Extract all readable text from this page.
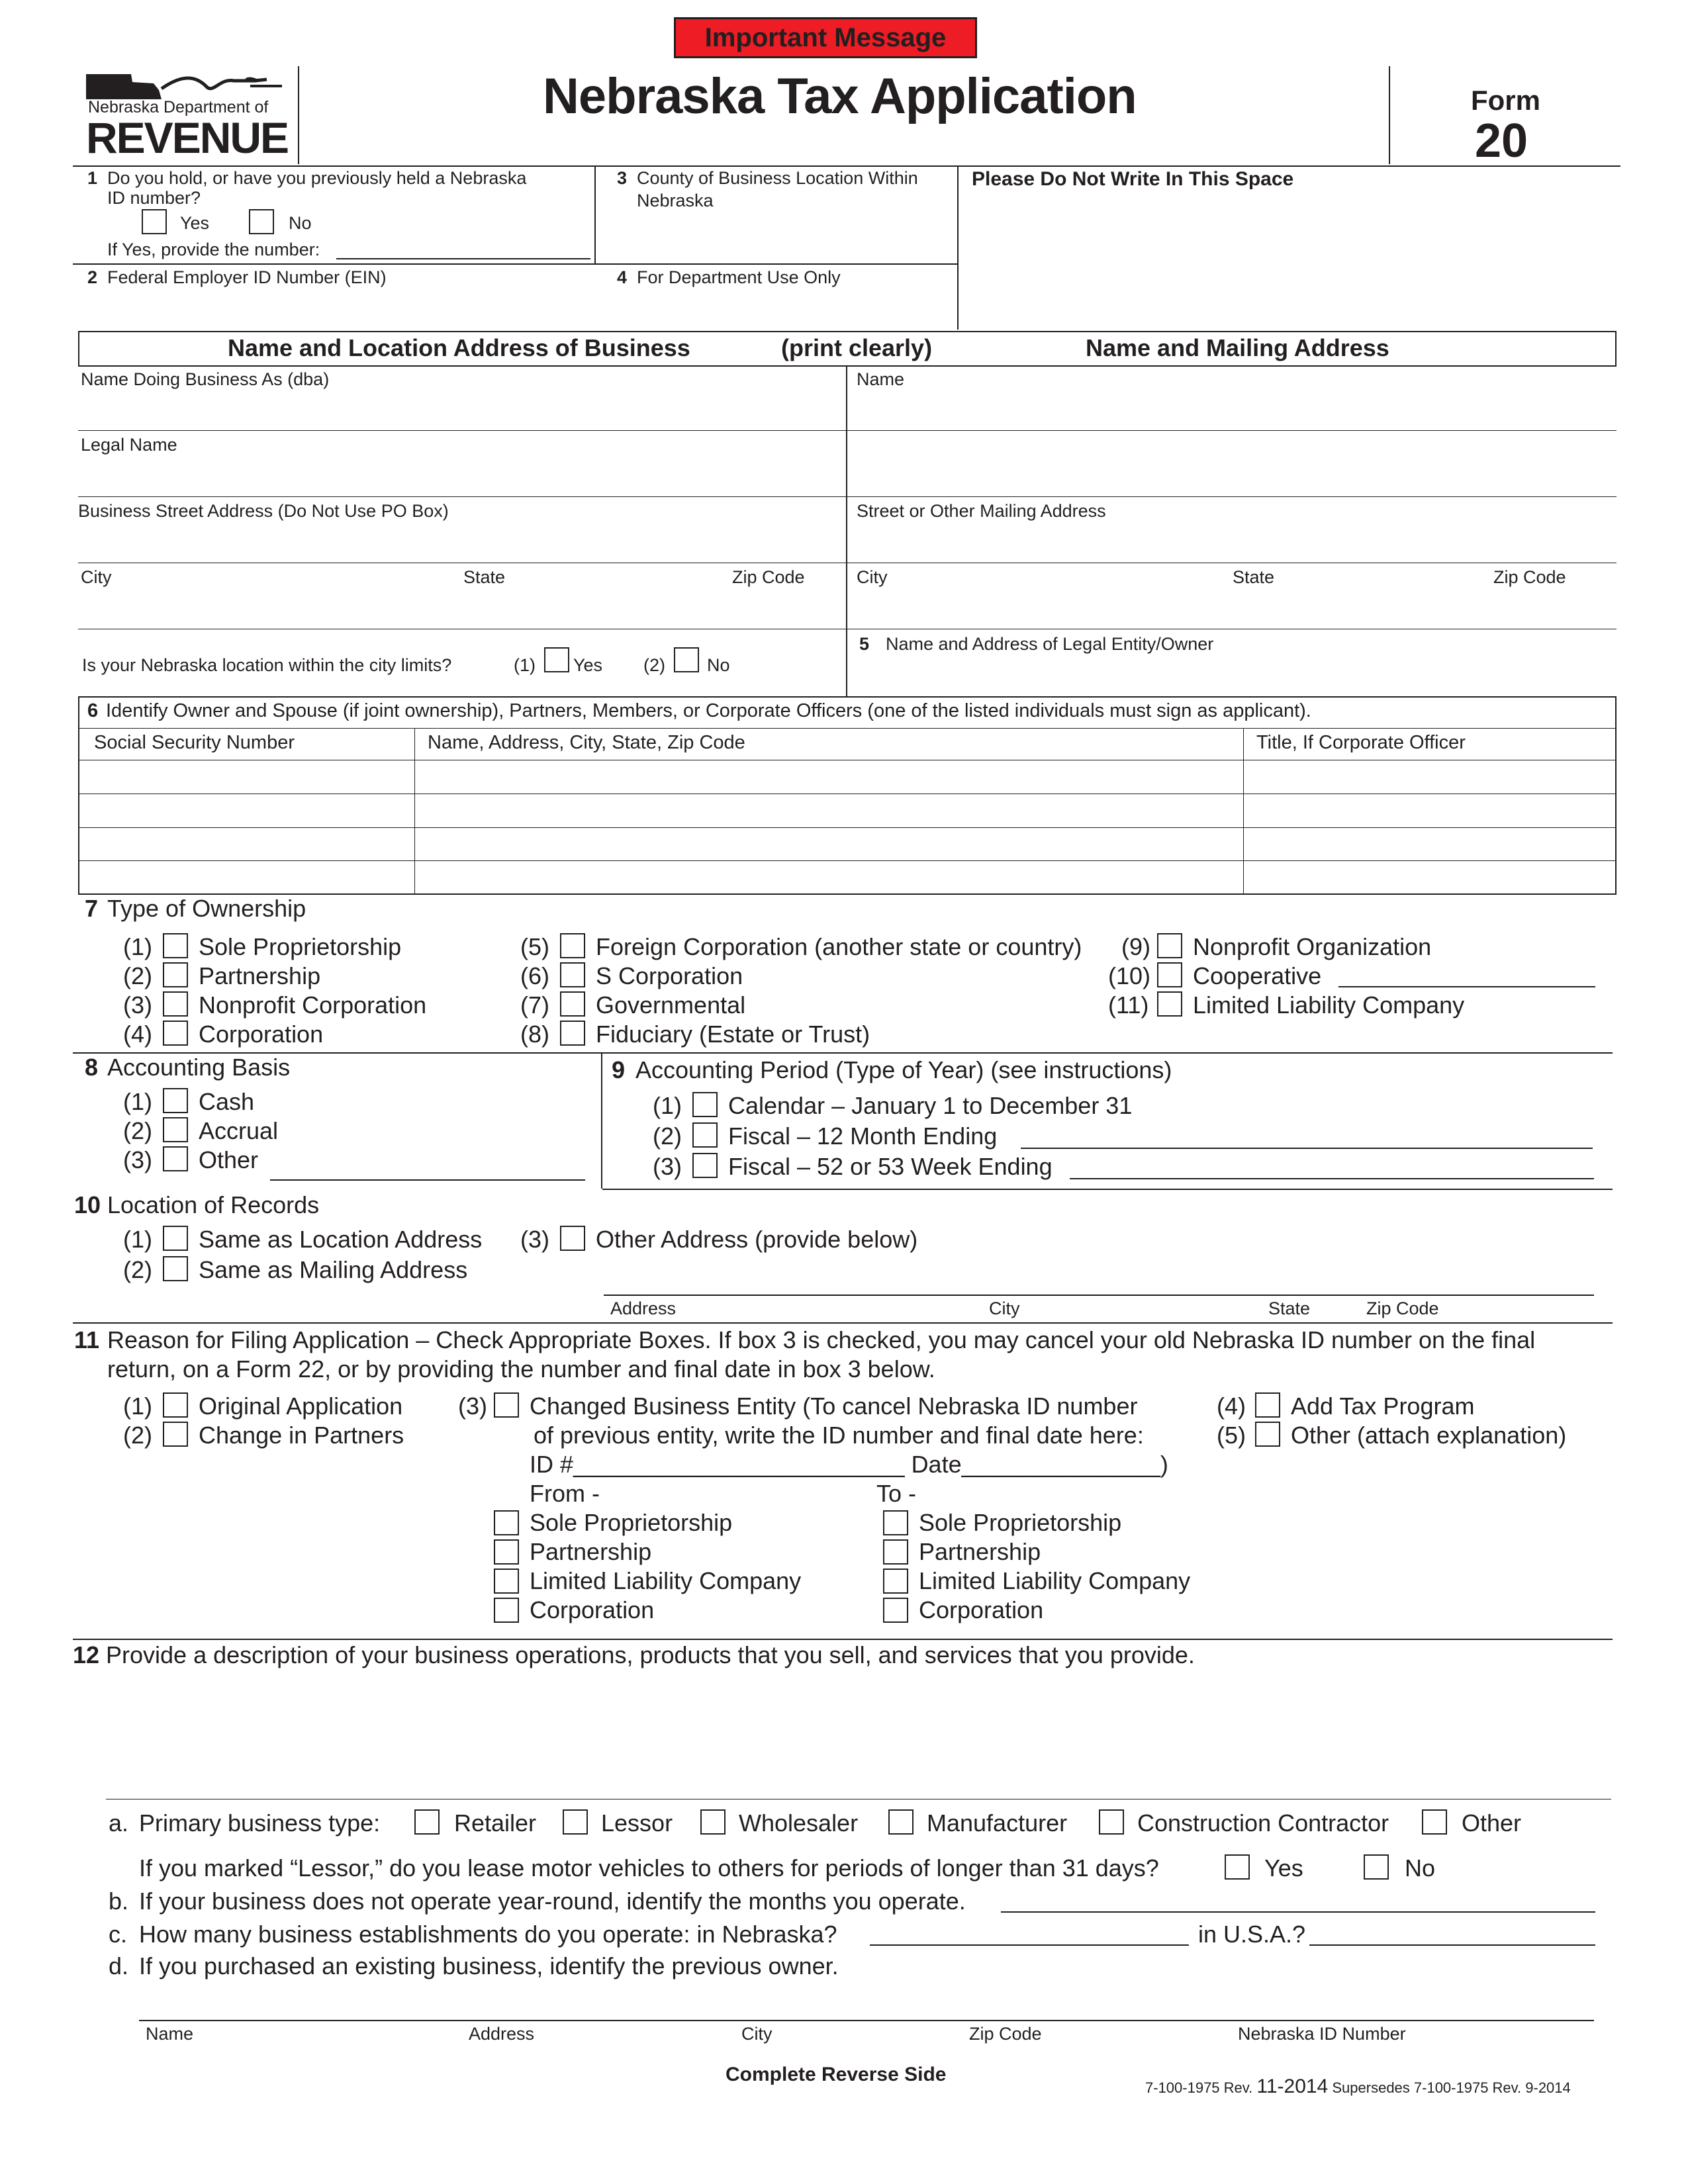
Important Message
Nebraska Department of
REVENUE
Nebraska Tax Application	Form
20
1 Do you hold, or have you previously held a Nebraska
ID number?
Yes	No
If Yes, provide the number:
2 Federal Employer ID Number (EIN)
3 County of Business Location Within
Nebraska
4 For Department Use Only
Please Do Not Write In This Space
Name and Location Address of Business	(print clearly)	Name and Mailing Address
Name Doing Business As (dba)
Legal Name
Business Street Address (Do Not Use PO Box)
City	State	Zip Code
Is your Nebraska location within the city limits?	(1) Yes (2) No
Name
Street or Other Mailing Address
City	State	Zip Code
5 Name and Address of Legal Entity/Owner
6 Identify Owner and Spouse (if joint ownership), Partners, Members, or Corporate Officers (one of the listed individuals must sign as applicant).
Social Security Number	Name, Address, City, State, Zip Code	Title, If Corporate Officer
7 Type of Ownership
(1) Sole Proprietorship
(2) Partnership
(3) Nonprofit Corporation
(4) Corporation
(5) Foreign Corporation (another state or country)
(6) S Corporation
(7) Governmental
(8) Fiduciary (Estate or Trust)
(9) Nonprofit Organization
(10) Cooperative
(11) Limited Liability Company
8 Accounting Basis
(1) Cash
(2) Accrual
(3) Other
9 Accounting Period (Type of Year) (see instructions)
(1) Calendar – January 1 to December 31
(2) Fiscal – 12 Month Ending
(3) Fiscal – 52 or 53 Week Ending
10 Location of Records
(1) Same as Location Address
(2) Same as Mailing Address
(3) Other Address (provide below)
Address	City	State	Zip Code
11 Reason for Filing Application – Check Appropriate Boxes. If box 3 is checked, you may cancel your old Nebraska ID number on the final
return, on a Form 22, or by providing the number and final date in box 3 below.
(1) Original Application
(2) Change in Partners
(3) Changed Business Entity (To cancel Nebraska ID number
of previous entity, write the ID number and final date here:
ID #_________________________ Date_______________)
(4) Add Tax Program
(5) Other (attach explanation)
From -	To -
Sole Proprietorship
Partnership
Limited Liability Company
Corporation
Sole Proprietorship
Partnership
Limited Liability Company
Corporation
12 Provide a description of your business operations, products that you sell, and services that you provide.
a. Primary business type:	Retailer	Lessor	Wholesaler	Manufacturer	Construction Contractor	Other
If you marked “Lessor,” do you lease motor vehicles to others for periods of longer than 31 days?	Yes	No
b. If your business does not operate year-round, identify the months you operate.
c. How many business establishments do you operate: in Nebraska?	in U.S.A.?
d. If you purchased an existing business, identify the previous owner.
Name	Address	City	Zip Code	Nebraska ID Number
Complete Reverse Side
7-100-1975 Rev. 11-2014 Supersedes 7-100-1975 Rev. 9-2014
